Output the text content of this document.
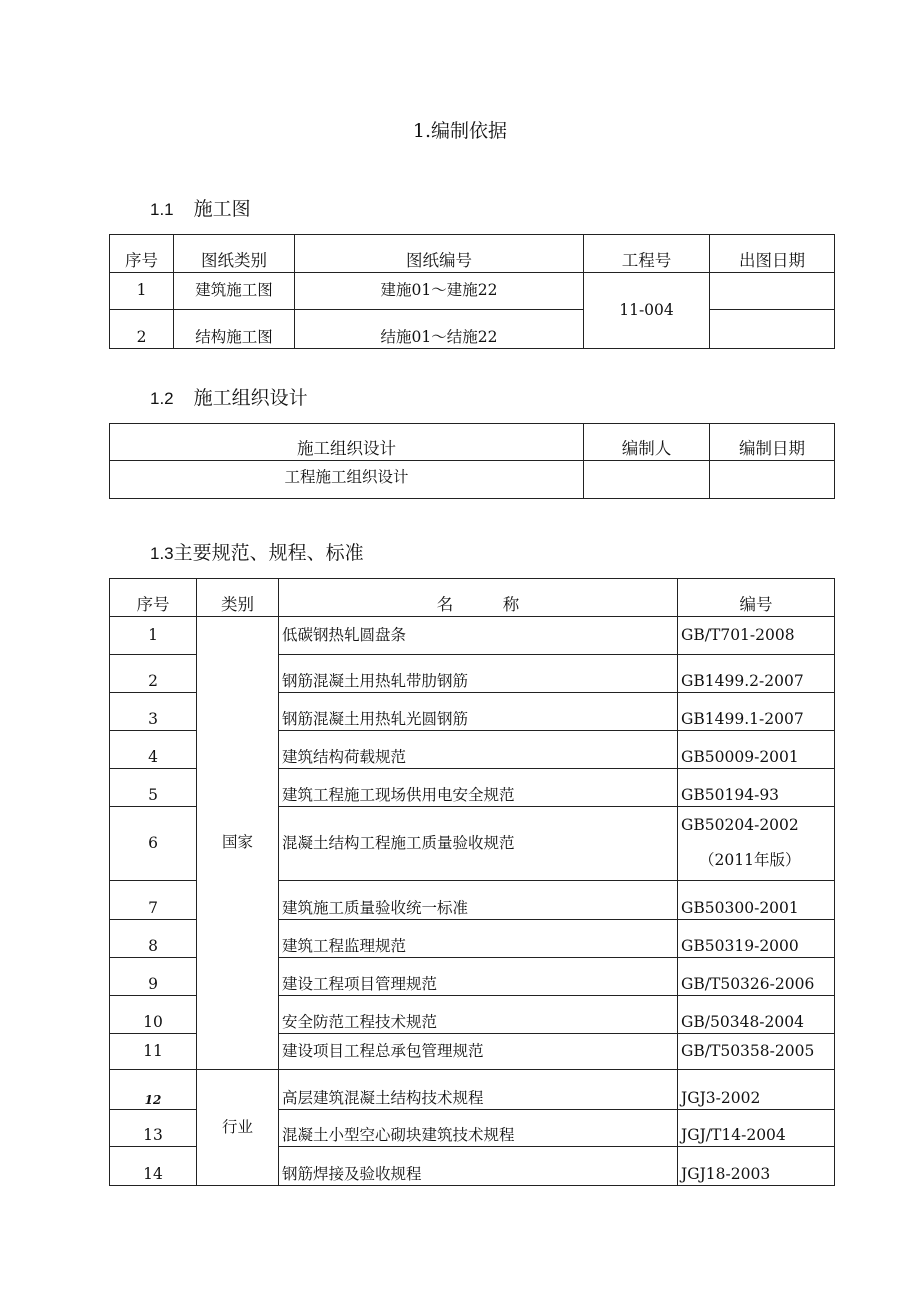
1.编制依据
1.1 施工图
序号	图纸类别	图纸编号	工程号	出图日期
1	建筑施工图	建施01～建施22	11-004	
2	结构施工图	结施01～结施22		
1.2 施工组织设计
施工组织设计	编制人	编制日期
工程施工组织设计		
1.3主要规范、规程、标准
序号	类别	名　　　称	编号
1	国家	低碳钢热轧圆盘条	GB/T701-2008
2		钢筋混凝土用热轧带肋钢筋	GB1499.2-2007
3		钢筋混凝土用热轧光圆钢筋	GB1499.1-2007
4		建筑结构荷载规范	GB50009-2001
5		建筑工程施工现场供用电安全规范	GB50194-93
6		混凝土结构工程施工质量验收规范	GB50204-2002
（2011年版）

7		建筑施工质量验收统一标准	GB50300-2001
8		建筑工程监理规范	GB50319-2000
9		建设工程项目管理规范	GB/T50326-2006
10		安全防范工程技术规范	GB/50348-2004
11		建设项目工程总承包管理规范	GB/T50358-2005
12	行业	高层建筑混凝土结构技术规程	JGJ3-2002
13		混凝土小型空心砌块建筑技术规程	JGJ/T14-2004
14		钢筋焊接及验收规程	JGJ18-2003
